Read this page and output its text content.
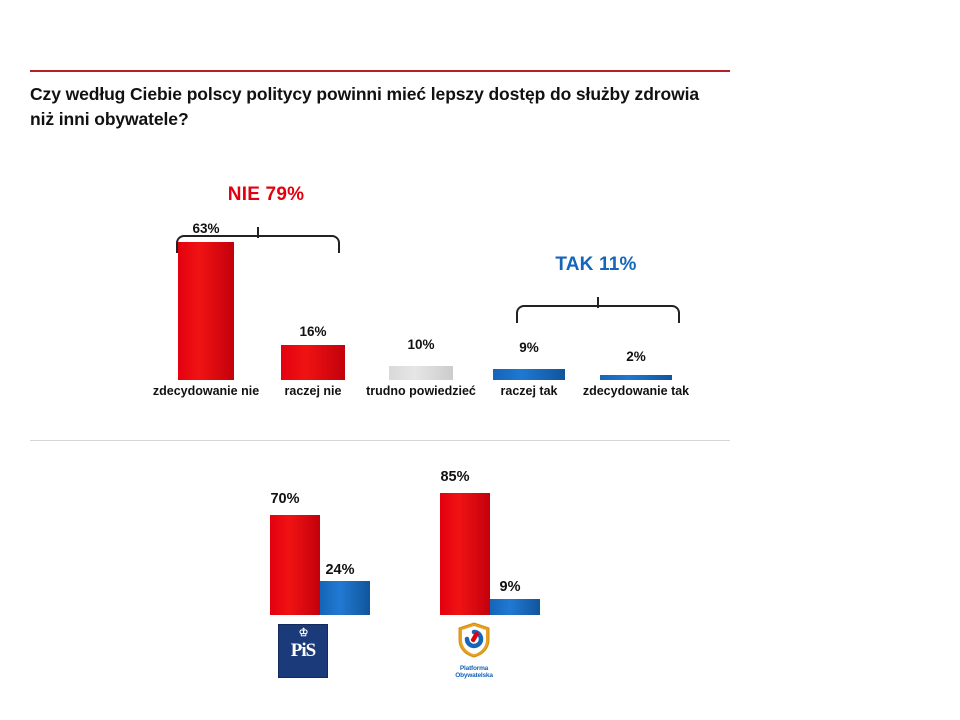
Czy według Ciebie polscy politycy powinni mieć lepszy dostęp do służby zdrowia niż inni obywatele?
NIE 79%
TAK 11%
63%
zdecydowanie nie
16%
raczej nie
10%
trudno powiedzieć
9%
raczej tak
2%
zdecydowanie tak
70%
24%
♔
PiS
85%
9%
Platforma
Obywatelska
